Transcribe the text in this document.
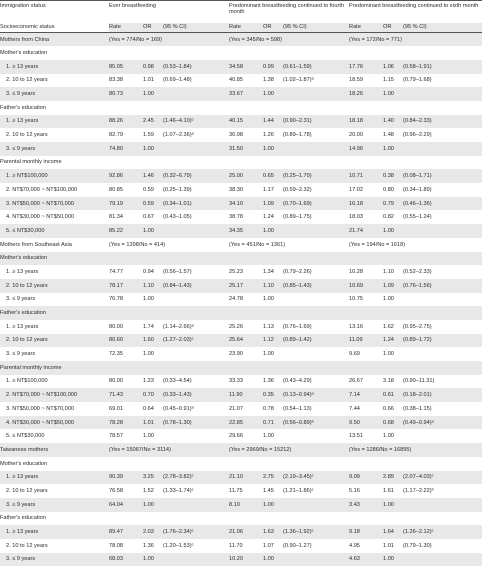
Immigration status	Ever breastfeeding			Predominant breastfeeding continued to fourth month			Predominant breastfeeding continued to sixth month		
Socioeconomic status	Rate	OR	(95 % CI)	Rate	OR	(95 % CI)	Rate	OR	(95 % CI)
Mothers from China	(Yes = 774/No = 169)			(Yes = 345/No = 598)			(Yes = 172/No = 771)		
Mother's education									
1. ≥ 13 years	85.05	0.98	(0.53–1.84)	34.58	0.99	(0.61–1.59)	17.76	1.06	(0.58–1.91)
2. 10 to 12 years	83.38	1.01	(0.69–1.48)	40.85	1.38	(1.02–1.87)ᵃ	18.59	1.15	(0.79–1.68)
3. ≤ 9 years	80.73	1.00		33.67	1.00		18.26	1.00	
Father's education									
1. ≥ 13 years	88.26	2.45	(1.46–4.10)ᶜ	40.15	1.44	(0.90–2.31)	18.18	1.40	(0.84–2.33)
2. 10 to 12 years	82.79	1.59	(1.07–2.36)ᵃ	36.98	1.26	(0.89–1.78)	20.00	1.48	(0.96–2.29)
3. ≤ 9 years	74.80	1.00		31.50	1.00		14.96	1.00	
Parental monthly income									
1. ≥ NT$100,000	92.86	1.46	(0.32–6.79)	25.00	0.65	(0.25–1.70)	10.71	0.38	(0.08–1.71)
2. NT$70,000 ~ NT$100,000	80.85	0.59	(0.25–1.39)	38.30	1.17	(0.59–2.32)	17.02	0.80	(0.34–1.89)
3. NT$50,000 ~ NT$70,000	79.19	0.59	(0.34–1.01)	34.10	1.09	(0.70–1.69)	16.18	0.79	(0.46–1.36)
4. NT$30,000 ~ NT$50,000	81.34	0.67	(0.43–1.05)	38.78	1.24	(0.89–1.75)	18.03	0.82	(0.55–1.24)
5. ≤ NT$30,000	85.22	1.00		34.35	1.00		21.74	1.00	
Mothers from Southeast Asia	(Yes = 1398/No = 414)			(Yes = 451/No = 1361)			(Yes = 194/No = 1618)		
Mother's education									
1. ≥ 13 years	74.77	0.94	(0.56–1.57)	25.23	1.34	(0.79–2.26)	10.28	1.10	(0.52–2.33)
2. 10 to 12 years	78.17	1.10	(0.84–1.43)	25.17	1.10	(0.85–1.43)	10.69	1.09	(0.76–1.56)
3. ≤ 9 years	76.78	1.00		24.78	1.00		10.75	1.00	
Father's education									
1. ≥ 13 years	80.00	1.74	(1.14–2.66)ᵃ	25.26	1.13	(0.76–1.69)	13.16	1.62	(0.95–2.75)
2. 10 to 12 years	80.60	1.60	(1.27–2.03)ᶜ	25.64	1.12	(0.89–1.42)	11.09	1.24	(0.89–1.72)
3. ≤ 9 years	72.35	1.00		23.90	1.00		9.69	1.00	
Parental monthly income									
1. ≥ NT$100,000	80.00	1.23	(0.33–4.54)	33.33	1.36	(0.43–4.29)	26.67	3.18	(0.90–11.31)
2. NT$70,000 ~ NT$100,000	71.43	0.70	(0.33–1.43)	11.90	0.35	(0.13–0.94)ᵃ	7.14	0.61	(0.18–2.01)
3. NT$50,000 ~ NT$70,000	69.01	0.64	(0.45–0.91)ᵃ	21.07	0.78	(0.54–1.13)	7.44	0.66	(0.38–1.15)
4. NT$30,000 ~ NT$50,000	78.28	1.01	(0.78–1.30)	22.85	0.71	(0.56–0.89)ᵇ	9.50	0.68	(0.49–0.94)ᵃ
5. ≤ NT$30,000	78.57	1.00		29.66	1.00		13.51	1.00	
Taiwanese mothers	(Yes = 15067/No = 3114)			(Yes = 2969/No = 15212)			(Yes = 1286/No = 16895)		
Mother's education									
1. ≥ 13 years	90.39	3.25	(2.78–3.82)ᶜ	21.10	2.75	(2.19–3.45)ᶜ	9.09	2.89	(2.07–4.03)ᶜ
2. 10 to 12 years	76.58	1.52	(1.33–1.74)ᶜ	11.75	1.45	(1.21–1.86)ᶜ	5.16	1.61	(1.17–2.22)ᵇ
3. ≤ 9 years	64.04	1.00		8.10	1.00		3.43	1.00	
Father's education									
1. ≥ 13 years	89.47	2.03	(1.76–2.34)ᶜ	21.06	1.63	(1.36–1.92)ᶜ	9.18	1.64	(1.26–2.12)ᶜ
2. 10 to 12 years	78.08	1.36	(1.20–1.53)ᶜ	11.70	1.07	(0.90–1.27)	4.95	1.01	(0.79–1.30)
3. ≤ 9 years	68.03	1.00		10.20	1.00		4.63	1.00	
